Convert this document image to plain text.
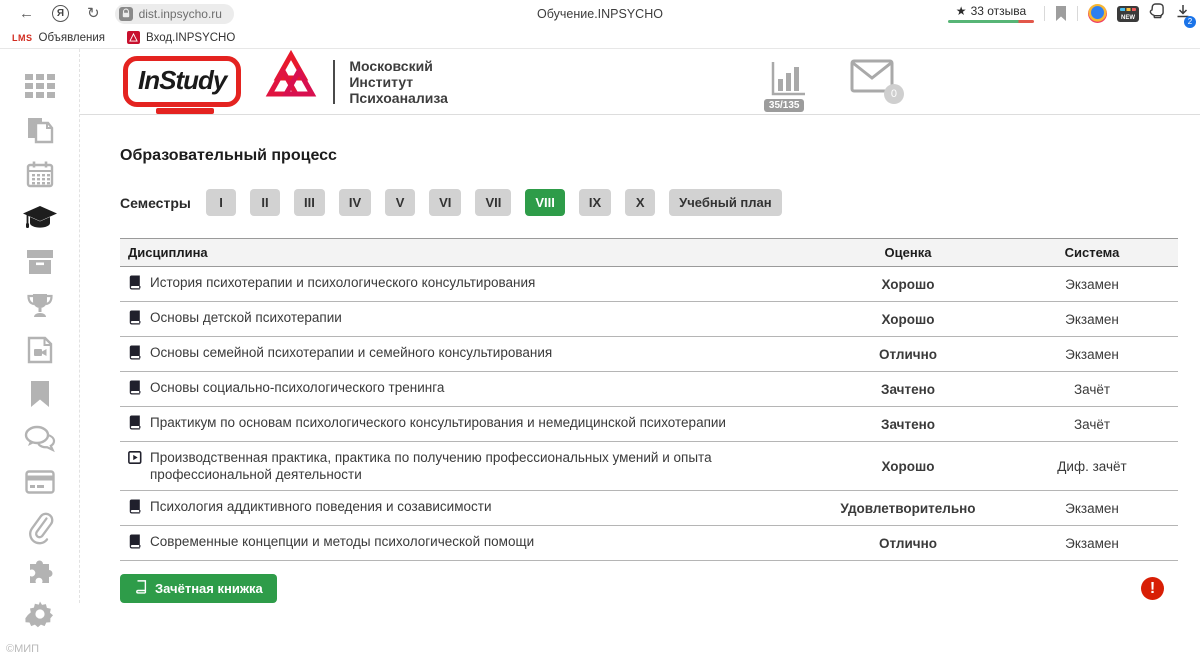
←	Я	↻	dist.inpsycho.ru	Обучение.INPSYCHO	★ 33 отзыва	NEW	2
LMS Объявления	Вход.INPSYCHO
©МИП
InStudy	Московский
Институт
Психоанализа	35/135
0
Образовательный процесс
Семестры	I	II	III	IV	V	VI	VII	VIII	IX	X	Учебный план
Дисциплина	Оценка	Система

История психотерапии и психологического консультирования	Хорошо	Экзамен

Основы детской психотерапии	Хорошо	Экзамен

Основы семейной психотерапии и семейного консультирования	Отлично	Экзамен

Основы социально-психологического тренинга	Зачтено	Зачёт

Практикум по основам психологического консультирования и немедицинской психотерапии	Зачтено	Зачёт

Производственная практика, практика по получению профессиональных умений и опыта профессиональной деятельности	Хорошо	Диф. зачёт

Психология аддиктивного поведения и созависимости	Удовлетворительно	Экзамен

Современные концепции и методы психологической помощи	Отлично	Экзамен
Зачётная книжка	!
